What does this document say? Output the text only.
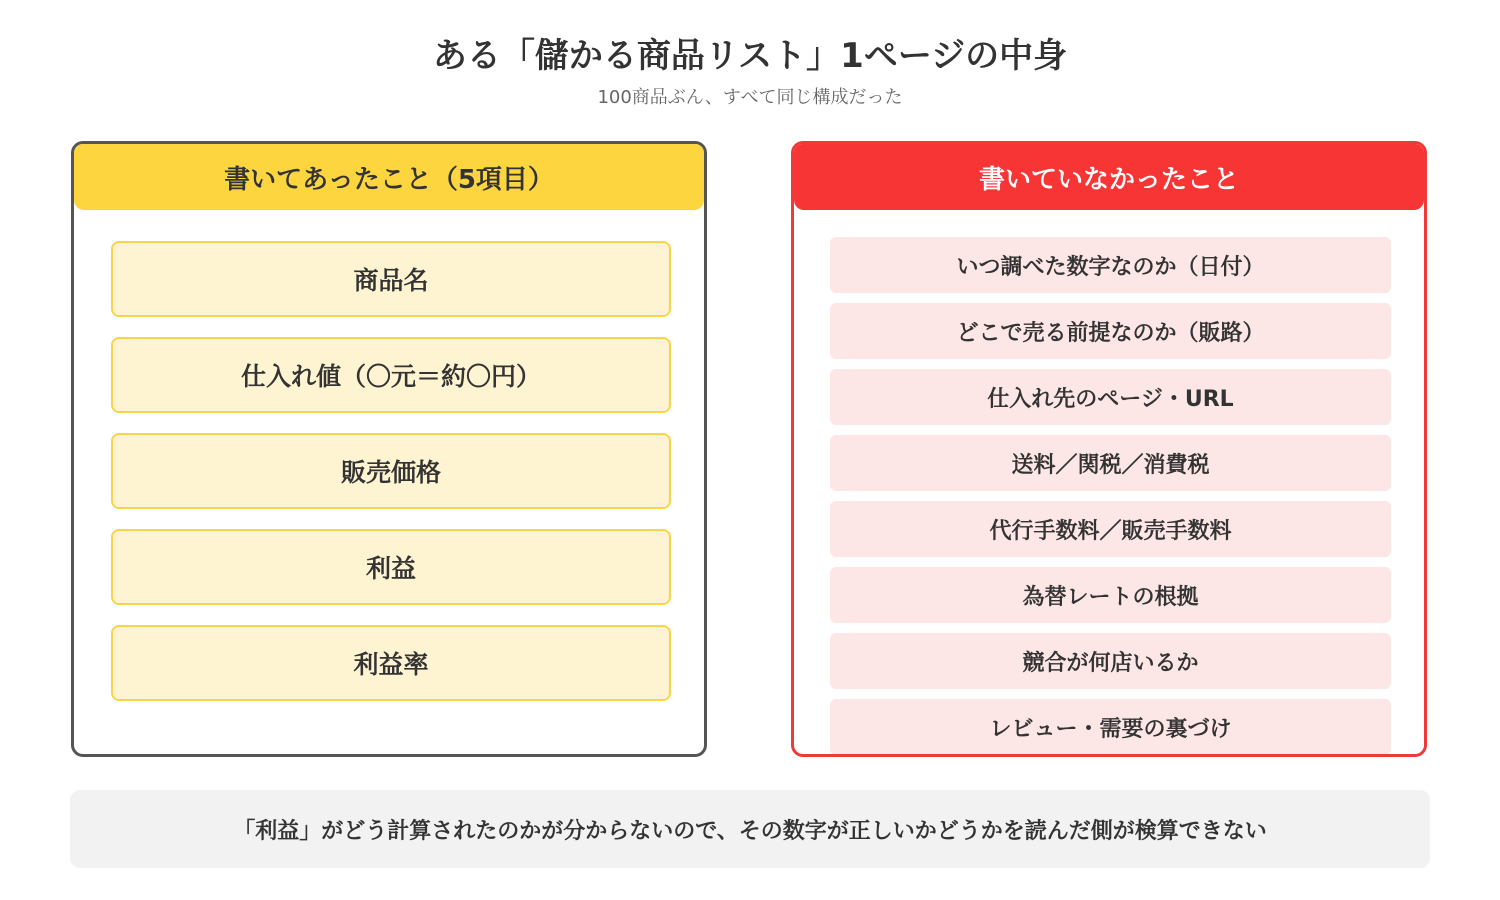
ある「儲かる商品リスト」1ページの中身
100商品ぶん、すべて同じ構成だった
書いてあったこと（5項目）
商品名
仕入れ値（〇元＝約〇円）
販売価格
利益
利益率
書いていなかったこと
いつ調べた数字なのか（日付）
どこで売る前提なのか（販路）
仕入れ先のページ・URL
送料／関税／消費税
代行手数料／販売手数料
為替レートの根拠
競合が何店いるか
レビュー・需要の裏づけ
「利益」がどう計算されたのかが分からないので、その数字が正しいかどうかを読んだ側が検算できない
